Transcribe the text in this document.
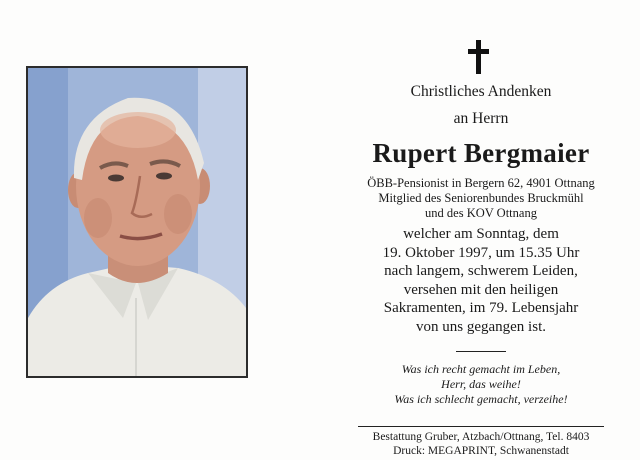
Christliches Andenken
an Herrn
Rupert Bergmaier
ÖBB-Pensionist in Bergern 62, 4901 Ottnang
Mitglied des Seniorenbundes Bruckmühl
und des KOV Ottnang
welcher am Sonntag, dem
19. Oktober 1997, um 15.35 Uhr
nach langem, schwerem Leiden,
versehen mit den heiligen
Sakramenten, im 79. Lebensjahr
von uns gegangen ist.
Was ich recht gemacht im Leben,
Herr, das weihe!
Was ich schlecht gemacht, verzeihe!
Bestattung Gruber, Atzbach/Ottnang, Tel. 8403
Druck: MEGAPRINT, Schwanenstadt
